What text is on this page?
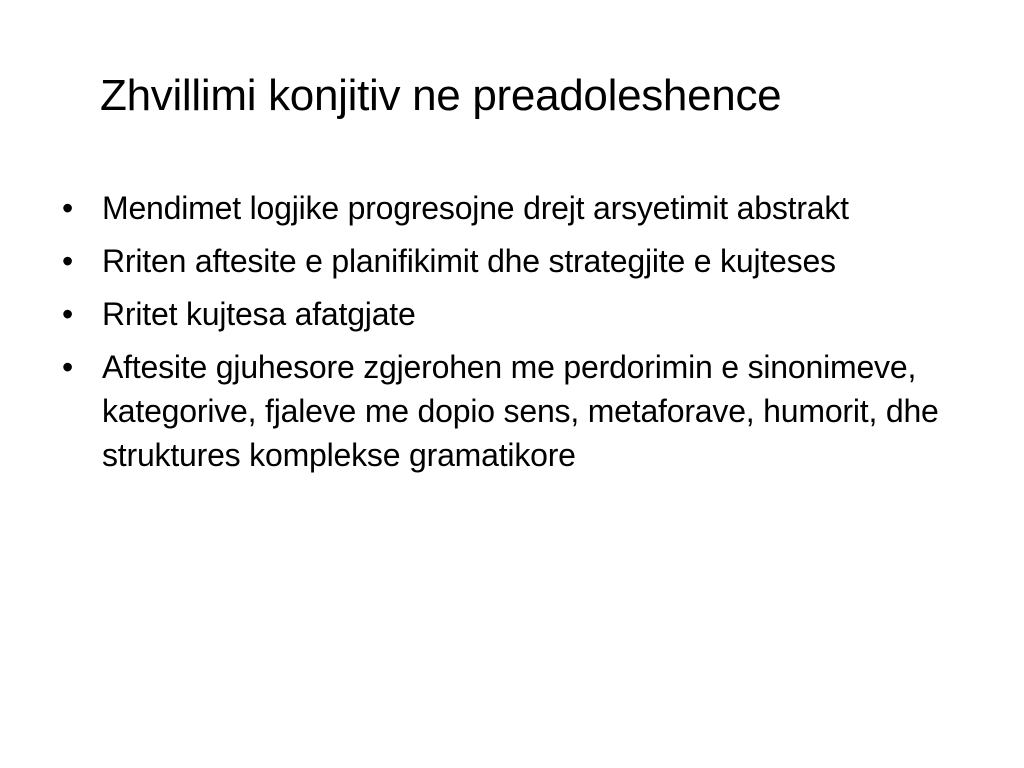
Zhvillimi konjitiv ne preadoleshence
• Mendimet logjike progresojne drejt arsyetimit abstrakt
• Rriten aftesite e planifikimit dhe strategjite e kujteses
• Rritet kujtesa afatgjate
• Aftesite gjuhesore zgjerohen me perdorimin e sinonimeve, kategorive, fjaleve me dopio sens, metaforave, humorit, dhe struktures komplekse gramatikore
